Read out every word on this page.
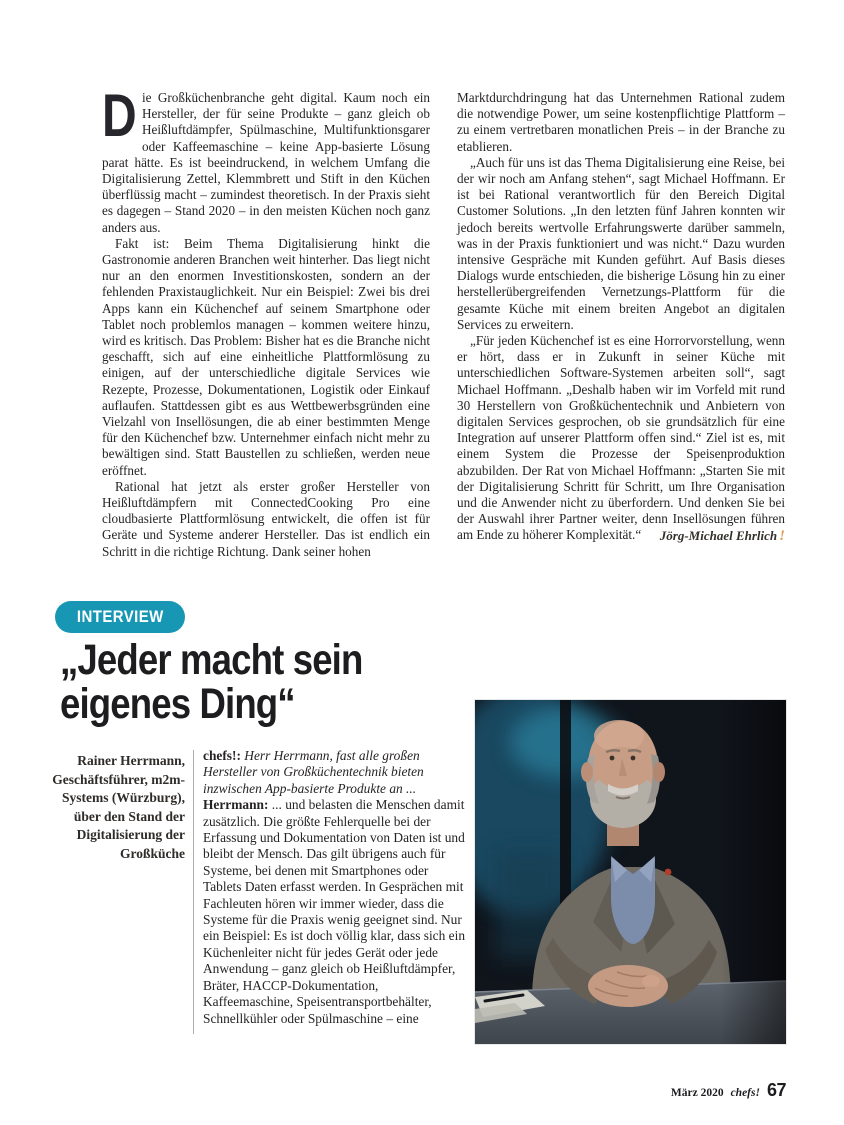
Die Großküchenbranche geht digital. Kaum noch ein Hersteller, der für seine Produkte – ganz gleich ob Heißluftdämpfer, Spülmaschine, Multifunktionsgarer oder Kaffeemaschine – keine App-basierte Lösung parat hätte. Es ist beeindruckend, in welchem Umfang die Digitalisierung Zettel, Klemmbrett und Stift in den Küchen überflüssig macht – zumindest theoretisch. In der Praxis sieht es dagegen – Stand 2020 – in den meisten Küchen noch ganz anders aus.

Fakt ist: Beim Thema Digitalisierung hinkt die Gastronomie anderen Branchen weit hinterher. Das liegt nicht nur an den enormen Investitionskosten, sondern an der fehlenden Praxistauglichkeit. Nur ein Beispiel: Zwei bis drei Apps kann ein Küchenchef auf seinem Smartphone oder Tablet noch problemlos managen – kommen weitere hinzu, wird es kritisch. Das Problem: Bisher hat es die Branche nicht geschafft, sich auf eine einheitliche Plattformlösung zu einigen, auf der unterschiedliche digitale Services wie Rezepte, Prozesse, Dokumentationen, Logistik oder Einkauf auflaufen. Stattdessen gibt es aus Wettbewerbsgründen eine Vielzahl von Insellösungen, die ab einer bestimmten Menge für den Küchenchef bzw. Unternehmer einfach nicht mehr zu bewältigen sind. Statt Baustellen zu schließen, werden neue eröffnet.

Rational hat jetzt als erster großer Hersteller von Heißluftdämpfern mit ConnectedCooking Pro eine cloudbasierte Plattformlösung entwickelt, die offen ist für Geräte und Systeme anderer Hersteller. Das ist endlich ein Schritt in die richtige Richtung. Dank seiner hohen

Marktdurchdringung hat das Unternehmen Rational zudem die notwendige Power, um seine kostenpflichtige Plattform – zu einem vertretbaren monatlichen Preis – in der Branche zu etablieren.

„Auch für uns ist das Thema Digitalisierung eine Reise, bei der wir noch am Anfang stehen“, sagt Michael Hoffmann. Er ist bei Rational verantwortlich für den Bereich Digital Customer Solutions. „In den letzten fünf Jahren konnten wir jedoch bereits wertvolle Erfahrungswerte darüber sammeln, was in der Praxis funktioniert und was nicht.“ Dazu wurden intensive Gespräche mit Kunden geführt. Auf Basis dieses Dialogs wurde entschieden, die bisherige Lösung hin zu einer herstellerübergreifenden Vernetzungs-Plattform für die gesamte Küche mit einem breiten Angebot an digitalen Services zu erweitern.

„Für jeden Küchenchef ist es eine Horrorvorstellung, wenn er hört, dass er in Zukunft in seiner Küche mit unterschiedlichen Software-Systemen arbeiten soll“, sagt Michael Hoffmann. „Deshalb haben wir im Vorfeld mit rund 30 Herstellern von Großküchentechnik und Anbietern von digitalen Services gesprochen, ob sie grundsätzlich für eine Integration auf unserer Plattform offen sind.“ Ziel ist es, mit einem System die Prozesse der Speisenproduktion abzubilden. Der Rat von Michael Hoffmann: „Starten Sie mit der Digitalisierung Schritt für Schritt, um Ihre Organisation und die Anwender nicht zu überfordern. Und denken Sie bei der Auswahl ihrer Partner weiter, denn Insellösungen führen am Ende zu höherer Komplexität.“	Jörg-Michael Ehrlich !
INTERVIEW
„Jeder macht sein
eigenes Ding“
Rainer Herrmann, Geschäftsführer, m2m-Systems (Würzburg), über den Stand der Digitalisierung der Großküche

chefs!: Herr Herrmann, fast alle großen Hersteller von Großküchentechnik bieten inzwischen App-basierte Produkte an ...

Herrmann: ... und belasten die Menschen damit zusätzlich. Die größte Fehlerquelle bei der Erfassung und Dokumentation von Daten ist und bleibt der Mensch. Das gilt übrigens auch für Systeme, bei denen mit Smartphones oder Tablets Daten erfasst werden. In Gesprächen mit Fachleuten hören wir immer wieder, dass die Systeme für die Praxis wenig geeignet sind. Nur ein Beispiel: Es ist doch völlig klar, dass sich ein Küchenleiter nicht für jedes Gerät oder jede Anwendung – ganz gleich ob Heißluftdämpfer, Bräter, HACCP-Dokumentation, Kaffeemaschine, Speisentransportbehälter, Schnellkühler oder Spülmaschine – eine

März 2020 chefs! 67
